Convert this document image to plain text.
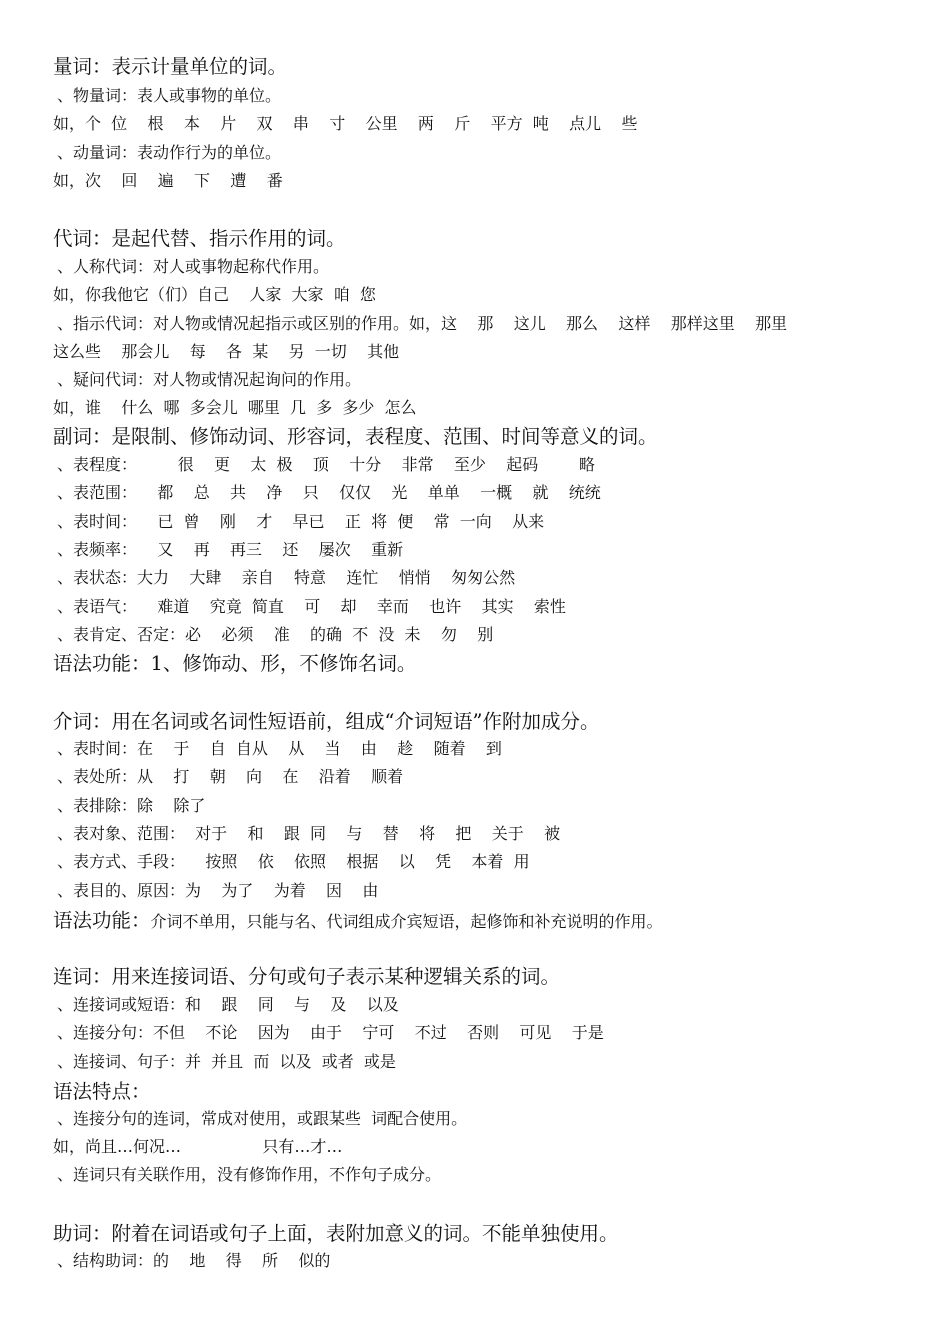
量词：表示计量单位的词。
、物量词：表人或事物的单位。
如，个  位    根    本    片    双    串    寸    公里    两    斤    平方  吨    点儿    些
、动量词：表动作行为的单位。
如，次    回    遍    下    遭    番
代词：是起代替、指示作用的词。
、人称代词：对人或事物起称代作用。
如，你我他它（们）自己    人家  大家  咱  您
、指示代词：对人物或情况起指示或区别的作用。如，这    那    这儿    那么    这样    那样这里    那里
这么些    那会儿    每    各  某    另  一切    其他
、疑问代词：对人物或情况起询问的作用。
如，谁    什么  哪  多会儿  哪里  几  多  多少  怎么
副词：是限制、修饰动词、形容词，表程度、范围、时间等意义的词。
、表程度：        很    更    太  极    顶    十分    非常    至少    起码        略
、表范围：    都    总    共    净    只    仅仅    光    单单    一概    就    统统
、表时间：    已  曾    刚    才    早已    正  将  便    常  一向    从来
、表频率：    又    再    再三    还    屡次    重新
、表状态：大力    大肆    亲自    特意    连忙    悄悄    匆匆公然
、表语气：    难道    究竟  简直    可    却    幸而    也许    其实    索性
、表肯定、否定：必    必须    准    的确  不  没  未    勿    别
语法功能：1、修饰动、形，不修饰名词。
介词：用在名词或名词性短语前，组成“介词短语”作附加成分。
、表时间：在    于    自  自从    从    当    由    趁    随着    到
、表处所：从    打    朝    向    在    沿着    顺着
、表排除：除    除了
、表对象、范围：  对于    和    跟  同    与    替    将    把    关于    被
、表方式、手段：    按照    依    依照    根据    以    凭    本着  用
、表目的、原因：为    为了    为着    因    由
语法功能：介词不单用，只能与名、代词组成介宾短语，起修饰和补充说明的作用。
连词：用来连接词语、分句或句子表示某种逻辑关系的词。
、连接词或短语：和    跟    同    与    及    以及
、连接分句：不但    不论    因为    由于    宁可    不过    否则    可见    于是
、连接词、句子：并  并且  而  以及  或者  或是
语法特点：
、连接分句的连词，常成对使用，或跟某些  词配合使用。
如，尚且…何况…                只有…才…
、连词只有关联作用，没有修饰作用，不作句子成分。
助词：附着在词语或句子上面，表附加意义的词。不能单独使用。
、结构助词：的    地    得    所    似的
